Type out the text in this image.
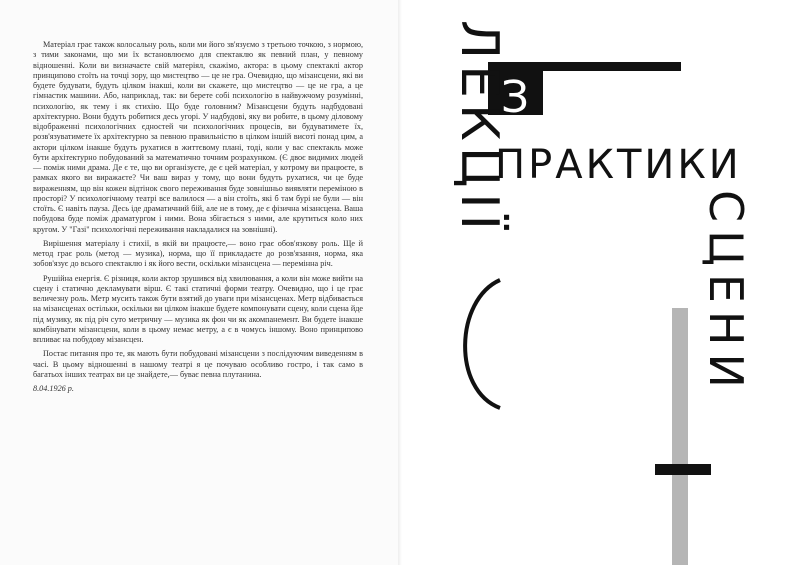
Матеріал грає також колосальну роль, коли ми його зв'язуємо з третьою точкою, з нормою, з тими законами, що ми їх встановлюємо для спектаклю як певний план, у певному відношенні. Коли ви визначаєте свій матеріял, скажімо, актора: в цьому спектаклі актор принципово стоїть на точці зору, що мистецтво — це не гра. Очевидно, що мізансцени, які ви будете будувати, будуть цілком інакші, коли ви скажете, що мистецтво — це не гра, а це гімнастик машини. Або, наприклад, так: ви берете собі психологію в найвужчому розумінні, психологію, як тему і як стихію. Що буде головним? Мізансцени будуть надбудовані архітектурно. Вони будуть робитися десь угорі. У надбудові, яку ви робите, в цьому діловому відображенні психологічних єдностей чи психологічних процесів, ви будуватимете їх, розв'язуватимете їх архітектурно за певною правильністю в цілком іншій висоті понад цим, а актори цілком інакше будуть рухатися в життєвому плані, тоді, коли у вас спектакль може бути архітектурно побудований за математично точним розрахунком. (Є двоє видимих людей — поміж ними драма. Де є те, що ви організуєте, де є цей матеріал, у котрому ви працюєте, в рамках якого ви виражаєте? Чи ваш вираз у тому, що вони будуть рухатися, чи це буде вираженням, що він кожен відтінок свого переживання буде зовнішньо виявляти переміною в просторі? У психологічному театрі все валилося — а він стоїть, які б там бурі не були — він стоїть. Є навіть пауза. Десь іде драматичний бій, але не в тому, де є фізична мізансцена. Ваша побудова буде поміж драматургом і ними. Вона збігається з ними, але крутиться коло них кругом. У "Газі" психологічні переживання накладалися на зовнішні).

Вирішення матеріалу і стихії, в якій ви працюєте,— воно грає обов'язкову роль. Ще й метод грає роль (метод — музика), норма, що її прикладаєте до розв'язання, норма, яка зобов'язує до всього спектаклю і як його вести, оскільки мізансцена — перемінна річ.

Рушійна енергія. Є різниця, коли актор зрушився від хвилювання, а коли він може вийти на сцену і статично декламувати вірш. Є такі статичні форми театру. Очевидно, що і це грає величезну роль. Метр мусить також бути взятий до уваги при мізансценах. Метр відбивається на мізансценах остільки, оскільки ви цілком інакше будете компонувати сцену, коли сцена йде під музику, як під річ суто метричну — музика як фон чи як акомпанемент. Ви будете інакше комбінувати мізансцени, коли в цьому немає метру, а є в чомусь іншому. Воно принципово впливає на побудову мізансцен.

Постає питання про те, як мають бути побудовані мізансцени з послідуючим виведенням в часі. В цьому відношенні в нашому театрі я це почуваю особливо гостро, і так само в багатьох інших театрах ви це знайдете,— буває певна плутанина.

8.04.1926 р.

З
ЛЕКЦІЇ
ПРАКТИКИ
СЦЕНИ
